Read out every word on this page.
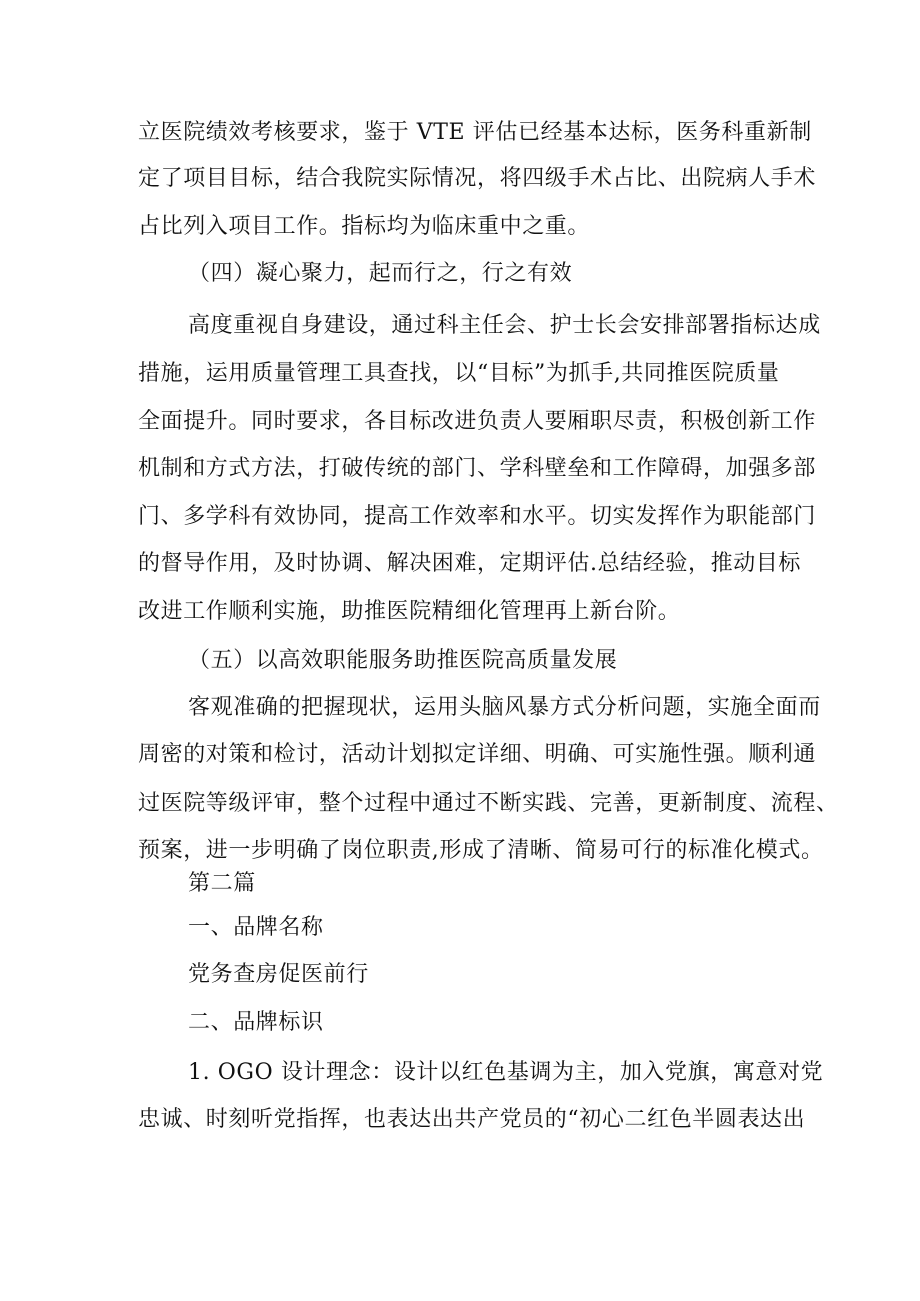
立医院绩效考核要求，鉴于 VTE 评估已经基本达标，医务科重新制
定了项目目标，结合我院实际情况，将四级手术占比、出院病人手术
占比列入项目工作。指标均为临床重中之重。
（四）凝心聚力，起而行之，行之有效
高度重视自身建设，通过科主任会、护士长会安排部署指标达成
措施，运用质量管理工具查找，以“目标”为抓手,共同推医院质量
全面提升。同时要求，各目标改进负责人要厢职尽责，积极创新工作
机制和方式方法，打破传统的部门、学科壁垒和工作障碍，加强多部
门、多学科有效协同，提高工作效率和水平。切实发挥作为职能部门
的督导作用，及时协调、解决困难，定期评估.总结经验，推动目标
改进工作顺利实施，助推医院精细化管理再上新台阶。
（五）以高效职能服务助推医院高质量发展
客观准确的把握现状，运用头脑风暴方式分析问题，实施全面而
周密的对策和检讨，活动计划拟定详细、明确、可实施性强。顺利通
过医院等级评审，整个过程中通过不断实践、完善，更新制度、流程、
预案，进一步明确了岗位职责,形成了清晰、简易可行的标准化模式。
第二篇
一、品牌名称
党务查房促医前行
二、品牌标识
1. OGO 设计理念：设计以红色基调为主，加入党旗，寓意对党
忠诚、时刻听党指挥，也表达出共产党员的“初心二红色半圆表达出
